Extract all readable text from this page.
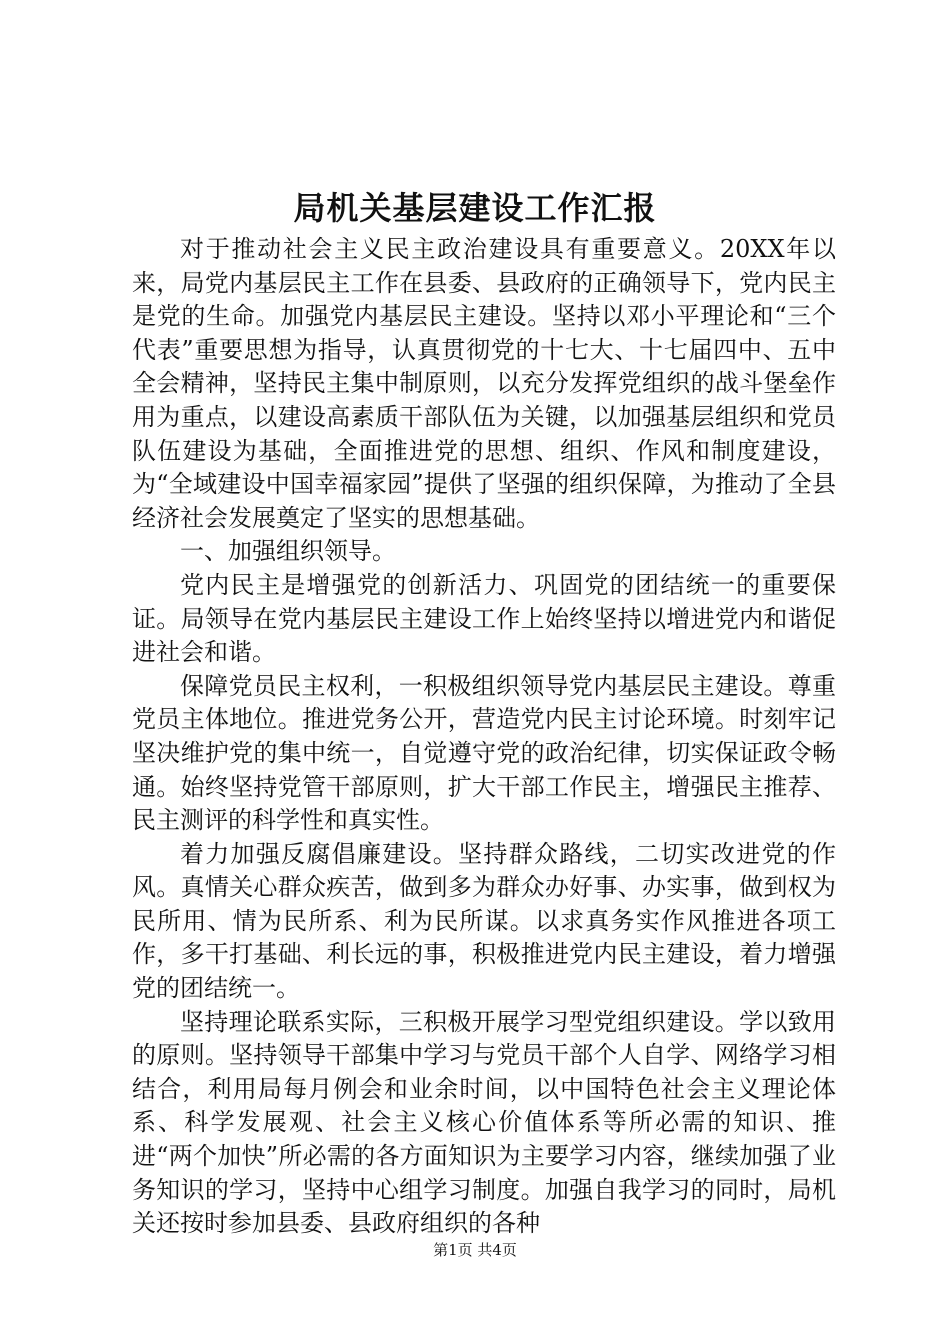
局机关基层建设工作汇报

对于推动社会主义民主政治建设具有重要意义。20XX年以来，局党内基层民主工作在县委、县政府的正确领导下，党内民主是党的生命。加强党内基层民主建设。坚持以邓小平理论和“三个代表”重要思想为指导，认真贯彻党的十七大、十七届四中、五中全会精神，坚持民主集中制原则，以充分发挥党组织的战斗堡垒作用为重点，以建设高素质干部队伍为关键，以加强基层组织和党员队伍建设为基础，全面推进党的思想、组织、作风和制度建设，为“全域建设中国幸福家园”提供了坚强的组织保障，为推动了全县经济社会发展奠定了坚实的思想基础。

一、加强组织领导。

党内民主是增强党的创新活力、巩固党的团结统一的重要保证。局领导在党内基层民主建设工作上始终坚持以增进党内和谐促进社会和谐。

保障党员民主权利，一积极组织领导党内基层民主建设。尊重党员主体地位。推进党务公开，营造党内民主讨论环境。时刻牢记坚决维护党的集中统一，自觉遵守党的政治纪律，切实保证政令畅通。始终坚持党管干部原则，扩大干部工作民主，增强民主推荐、民主测评的科学性和真实性。

着力加强反腐倡廉建设。坚持群众路线，二切实改进党的作风。真情关心群众疾苦，做到多为群众办好事、办实事，做到权为民所用、情为民所系、利为民所谋。以求真务实作风推进各项工作，多干打基础、利长远的事，积极推进党内民主建设，着力增强党的团结统一。

坚持理论联系实际，三积极开展学习型党组织建设。学以致用的原则。坚持领导干部集中学习与党员干部个人自学、网络学习相结合，利用局每月例会和业余时间，以中国特色社会主义理论体系、科学发展观、社会主义核心价值体系等所必需的知识、推进“两个加快”所必需的各方面知识为主要学习内容，继续加强了业务知识的学习，坚持中心组学习制度。加强自我学习的同时，局机关还按时参加县委、县政府组织的各种

第1页 共4页
